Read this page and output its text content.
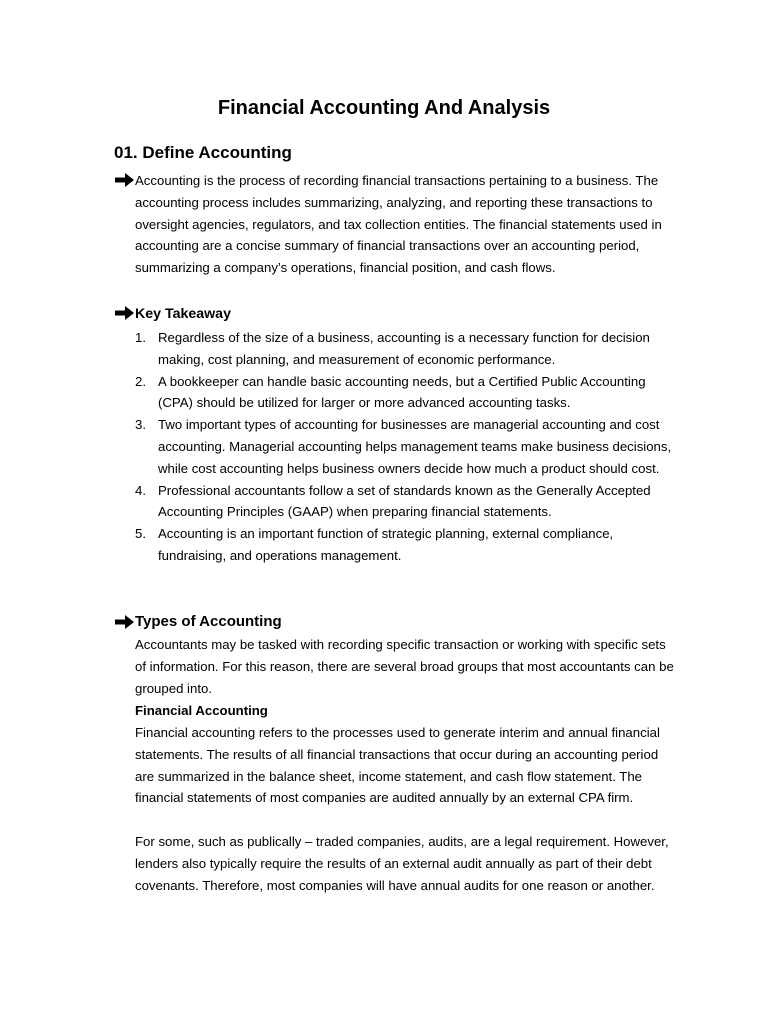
Financial Accounting And Analysis
01. Define Accounting
Accounting is the process of recording financial transactions pertaining to a business. The accounting process includes summarizing, analyzing, and reporting these transactions to oversight agencies, regulators, and tax collection entities. The financial statements used in accounting are a concise summary of financial transactions over an accounting period, summarizing a company’s operations, financial position, and cash flows.
Key Takeaway
1. Regardless of the size of a business, accounting is a necessary function for decision making, cost planning, and measurement of economic performance.
2. A bookkeeper can handle basic accounting needs, but a Certified Public Accounting (CPA) should be utilized for larger or more advanced accounting tasks.
3. Two important types of accounting for businesses are managerial accounting and cost accounting. Managerial accounting helps management teams make business decisions, while cost accounting helps business owners decide how much a product should cost.
4. Professional accountants follow a set of standards known as the Generally Accepted Accounting Principles (GAAP) when preparing financial statements.
5. Accounting is an important function of strategic planning, external compliance, fundraising, and operations management.
Types of Accounting
Accountants may be tasked with recording specific transaction or working with specific sets of information. For this reason, there are several broad groups that most accountants can be grouped into.
Financial Accounting
Financial accounting refers to the processes used to generate interim and annual financial statements. The results of all financial transactions that occur during an accounting period are summarized in the balance sheet, income statement, and cash flow statement. The financial statements of most companies are audited annually by an external CPA firm.
For some, such as publically – traded companies, audits, are a legal requirement. However, lenders also typically require the results of an external audit annually as part of their debt covenants. Therefore, most companies will have annual audits for one reason or another.
